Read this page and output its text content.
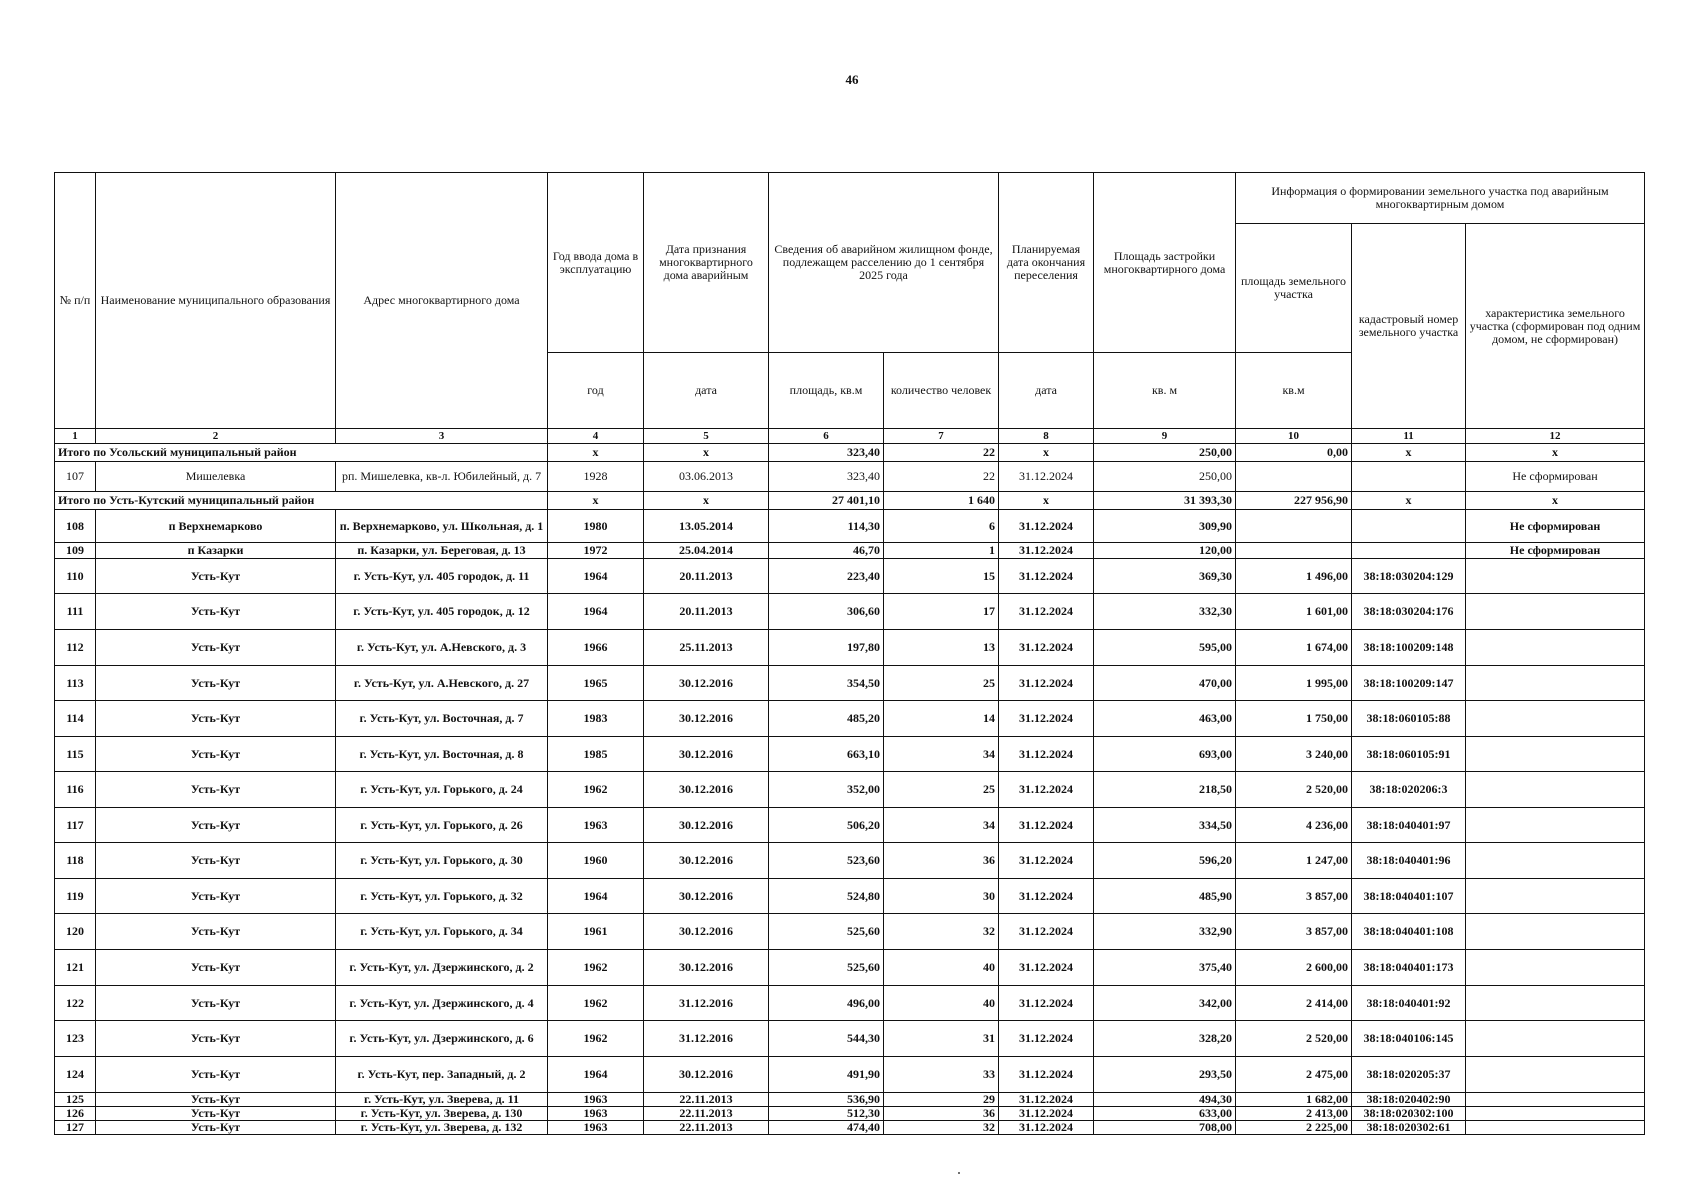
46
№ п/п	Наименование муниципального образования	Адрес многоквартирного дома	Год ввода дома в эксплуатацию	Дата признания многоквартирного дома аварийным	Сведения об аварийном жилищном фонде, подлежащем расселению до 1 сентября 2025 года		Планируемая дата окончания переселения	Площадь застройки многоквартирного дома	Информация о формировании земельного участка под аварийным многоквартирным домом		
									площадь земельного участка	кадастровый номер земельного участка	характеристика земельного участка (сформирован под одним домом, не сформирован)
			год	дата	площадь, кв.м	количество человек	дата	кв. м	кв.м		
1	2	3	4	5	6	7	8	9	10	11	12
Итого по Усольский муниципальный район			x	x	323,40	22	x	250,00	0,00	x	x
107	Мишелевка	рп. Мишелевка, кв-л. Юбилейный, д. 7	1928	03.06.2013	323,40	22	31.12.2024	250,00			Не сформирован
Итого по Усть-Кутский муниципальный район			x	x	27 401,10	1 640	x	31 393,30	227 956,90	x	x
108	п Верхнемарково	п. Верхнемарково, ул. Школьная, д. 1	1980	13.05.2014	114,30	6	31.12.2024	309,90			Не сформирован
109	п Казарки	п. Казарки, ул. Береговая, д. 13	1972	25.04.2014	46,70	1	31.12.2024	120,00			Не сформирован
110	Усть-Кут	г. Усть-Кут, ул. 405 городок, д. 11	1964	20.11.2013	223,40	15	31.12.2024	369,30	1 496,00	38:18:030204:129	
111	Усть-Кут	г. Усть-Кут, ул. 405 городок, д. 12	1964	20.11.2013	306,60	17	31.12.2024	332,30	1 601,00	38:18:030204:176	
112	Усть-Кут	г. Усть-Кут, ул. А.Невского, д. 3	1966	25.11.2013	197,80	13	31.12.2024	595,00	1 674,00	38:18:100209:148	
113	Усть-Кут	г. Усть-Кут, ул. А.Невского, д. 27	1965	30.12.2016	354,50	25	31.12.2024	470,00	1 995,00	38:18:100209:147	
114	Усть-Кут	г. Усть-Кут, ул. Восточная, д. 7	1983	30.12.2016	485,20	14	31.12.2024	463,00	1 750,00	38:18:060105:88	
115	Усть-Кут	г. Усть-Кут, ул. Восточная, д. 8	1985	30.12.2016	663,10	34	31.12.2024	693,00	3 240,00	38:18:060105:91	
116	Усть-Кут	г. Усть-Кут, ул. Горького, д. 24	1962	30.12.2016	352,00	25	31.12.2024	218,50	2 520,00	38:18:020206:3	
117	Усть-Кут	г. Усть-Кут, ул. Горького, д. 26	1963	30.12.2016	506,20	34	31.12.2024	334,50	4 236,00	38:18:040401:97	
118	Усть-Кут	г. Усть-Кут, ул. Горького, д. 30	1960	30.12.2016	523,60	36	31.12.2024	596,20	1 247,00	38:18:040401:96	
119	Усть-Кут	г. Усть-Кут, ул. Горького, д. 32	1964	30.12.2016	524,80	30	31.12.2024	485,90	3 857,00	38:18:040401:107	
120	Усть-Кут	г. Усть-Кут, ул. Горького, д. 34	1961	30.12.2016	525,60	32	31.12.2024	332,90	3 857,00	38:18:040401:108	
121	Усть-Кут	г. Усть-Кут, ул. Дзержинского, д. 2	1962	30.12.2016	525,60	40	31.12.2024	375,40	2 600,00	38:18:040401:173	
122	Усть-Кут	г. Усть-Кут, ул. Дзержинского, д. 4	1962	31.12.2016	496,00	40	31.12.2024	342,00	2 414,00	38:18:040401:92	
123	Усть-Кут	г. Усть-Кут, ул. Дзержинского, д. 6	1962	31.12.2016	544,30	31	31.12.2024	328,20	2 520,00	38:18:040106:145	
124	Усть-Кут	г. Усть-Кут, пер. Западный, д. 2	1964	30.12.2016	491,90	33	31.12.2024	293,50	2 475,00	38:18:020205:37	
125	Усть-Кут	г. Усть-Кут, ул. Зверева, д. 11	1963	22.11.2013	536,90	29	31.12.2024	494,30	1 682,00	38:18:020402:90	
126	Усть-Кут	г. Усть-Кут, ул. Зверева, д. 130	1963	22.11.2013	512,30	36	31.12.2024	633,00	2 413,00	38:18:020302:100	
127	Усть-Кут	г. Усть-Кут, ул. Зверева, д. 132	1963	22.11.2013	474,40	32	31.12.2024	708,00	2 225,00	38:18:020302:61	
